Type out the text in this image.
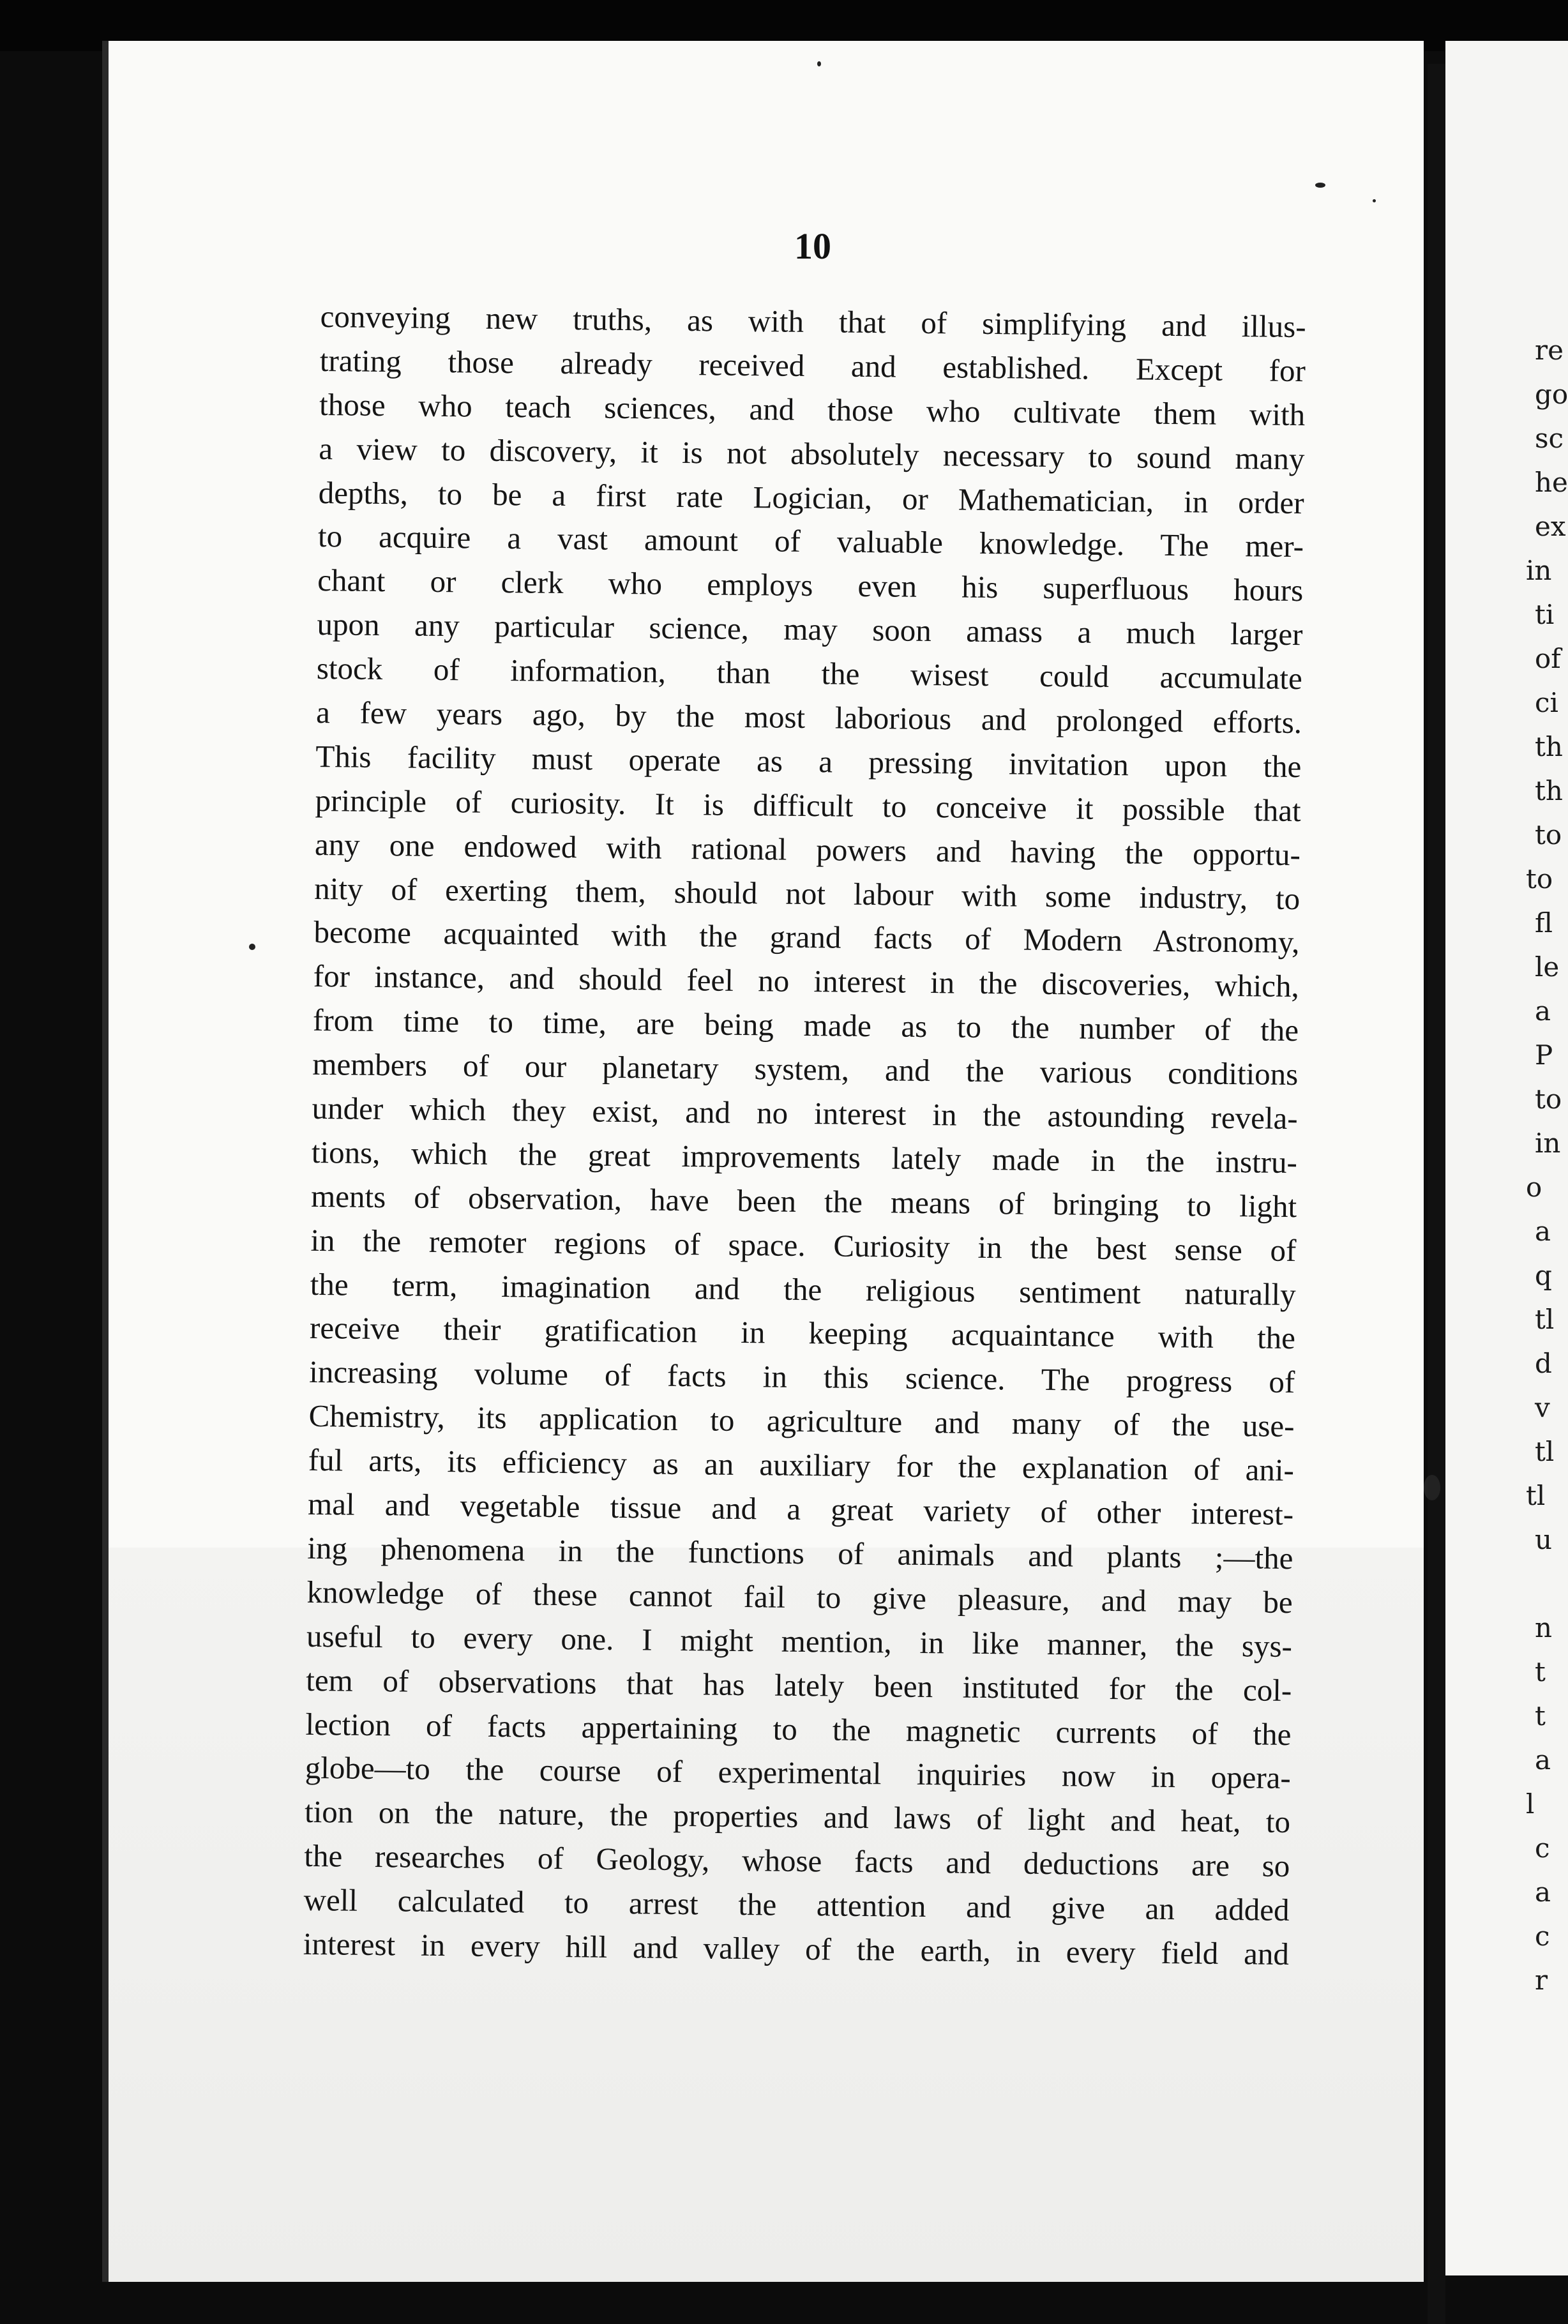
10
conveying new truths, as with that of simplifying and illus-
trating those already received and established. Except for
those who teach sciences, and those who cultivate them with
a view to discovery, it is not absolutely necessary to sound many
depths, to be a first rate Logician, or Mathematician, in order
to acquire a vast amount of valuable knowledge. The mer-
chant or clerk who employs even his superfluous hours
upon any particular science, may soon amass a much larger
stock of information, than the wisest could accumulate
a few years ago, by the most laborious and prolonged efforts.
This facility must operate as a pressing invitation upon the
principle of curiosity. It is difficult to conceive it possible that
any one endowed with rational powers and having the opportu-
nity of exerting them, should not labour with some industry, to
become acquainted with the grand facts of Modern Astronomy,
for instance, and should feel no interest in the discoveries, which,
from time to time, are being made as to the number of the
members of our planetary system, and the various conditions
under which they exist, and no interest in the astounding revela-
tions, which the great improvements lately made in the instru-
ments of observation, have been the means of bringing to light
in the remoter regions of space. Curiosity in the best sense of
the term, imagination and the religious sentiment naturally
receive their gratification in keeping acquaintance with the
increasing volume of facts in this science. The progress of
Chemistry, its application to agriculture and many of the use-
ful arts, its efficiency as an auxiliary for the explanation of ani-
mal and vegetable tissue and a great variety of other interest-
ing phenomena in the functions of animals and plants ;—the
knowledge of these cannot fail to give pleasure, and may be
useful to every one. I might mention, in like manner, the sys-
tem of observations that has lately been instituted for the col-
lection of facts appertaining to the magnetic currents of the
globe—to the course of experimental inquiries now in opera-
tion on the nature, the properties and laws of light and heat, to
the researches of Geology, whose facts and deductions are so
well calculated to arrest the attention and give an added
interest in every hill and valley of the earth, in every field and
re
go
sc
he
ex
in
ti
of
ci
th
th
to
to
fl
le
a
P
to
in
o
a
q
tl
d
v
tl
tl
u
n
t
t
a
l
c
a
c
r
